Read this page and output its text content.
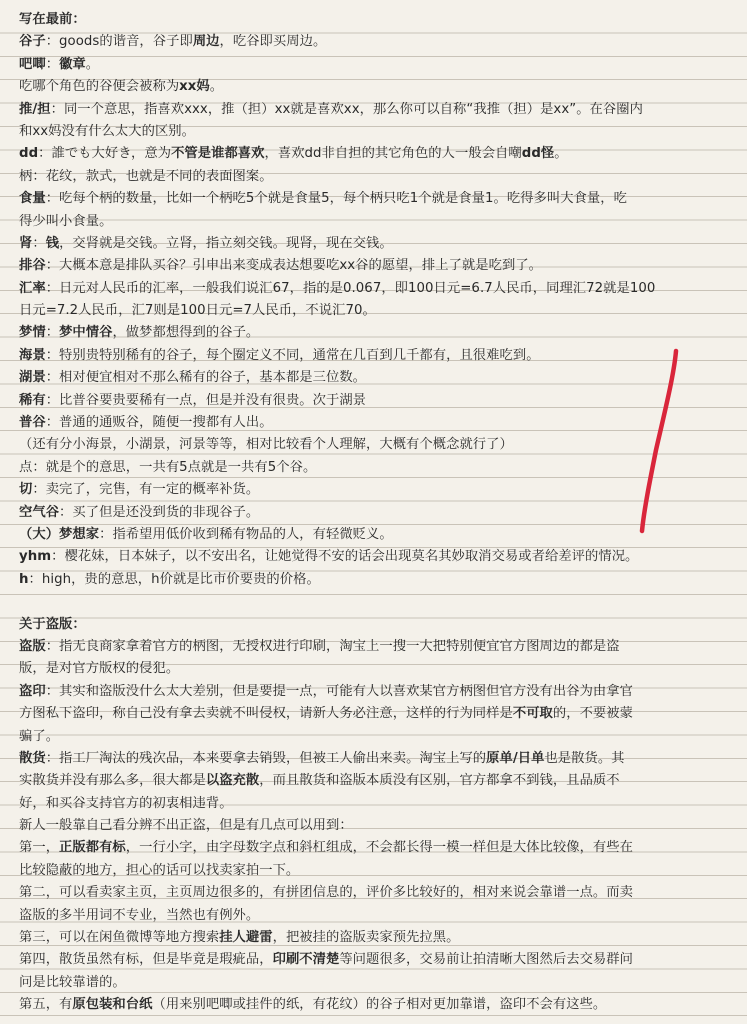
写在最前：
谷子：goods的谐音，谷子即周边，吃谷即买周边。
吧唧：徽章。
吃哪个角色的谷便会被称为xx妈。
推/担：同一个意思，指喜欢xxx，推（担）xx就是喜欢xx，那么你可以自称“我推（担）是xx”。在谷圈内
和xx妈没有什么太大的区别。
dd：誰でも大好き，意为不管是谁都喜欢，喜欢dd非自担的其它角色的人一般会自嘲dd怪。
柄：花纹，款式，也就是不同的表面图案。
食量：吃每个柄的数量，比如一个柄吃5个就是食量5，每个柄只吃1个就是食量1。吃得多叫大食量，吃
得少叫小食量。
肾：钱，交肾就是交钱。立肾，指立刻交钱。现肾，现在交钱。
排谷：大概本意是排队买谷？引申出来变成表达想要吃xx谷的愿望，排上了就是吃到了。
汇率：日元对人民币的汇率，一般我们说汇67，指的是0.067，即100日元=6.7人民币，同理汇72就是100
日元=7.2人民币，汇7则是100日元=7人民币，不说汇70。
梦情：梦中情谷，做梦都想得到的谷子。
海景：特别贵特别稀有的谷子，每个圈定义不同，通常在几百到几千都有，且很难吃到。
湖景：相对便宜相对不那么稀有的谷子，基本都是三位数。
稀有：比普谷要贵要稀有一点，但是并没有很贵。次于湖景
普谷：普通的通贩谷，随便一搜都有人出。
（还有分小海景，小湖景，河景等等，相对比较看个人理解，大概有个概念就行了）
点：就是个的意思，一共有5点就是一共有5个谷。
切：卖完了，完售，有一定的概率补货。
空气谷：买了但是还没到货的非现谷子。
（大）梦想家：指希望用低价收到稀有物品的人，有轻微贬义。
yhm：樱花妹，日本妹子，以不安出名，让她觉得不安的话会出现莫名其妙取消交易或者给差评的情况。
h：high，贵的意思，h价就是比市价要贵的价格。
关于盗版：
盗版：指无良商家拿着官方的柄图，无授权进行印刷，淘宝上一搜一大把特别便宜官方图周边的都是盗
版，是对官方版权的侵犯。
盗印：其实和盗版没什么太大差别，但是要提一点，可能有人以喜欢某官方柄图但官方没有出谷为由拿官
方图私下盗印，称自己没有拿去卖就不叫侵权，请新人务必注意，这样的行为同样是不可取的，不要被蒙
骗了。
散货：指工厂淘汰的残次品，本来要拿去销毁，但被工人偷出来卖。淘宝上写的原单/日单也是散货。其
实散货并没有那么多，很大都是以盗充散，而且散货和盗版本质没有区别，官方都拿不到钱，且品质不
好，和买谷支持官方的初衷相违背。
新人一般靠自己看分辨不出正盗，但是有几点可以用到：
第一，正版都有标，一行小字，由字母数字点和斜杠组成，不会都长得一模一样但是大体比较像，有些在
比较隐蔽的地方，担心的话可以找卖家拍一下。
第二，可以看卖家主页，主页周边很多的，有拼团信息的，评价多比较好的，相对来说会靠谱一点。而卖
盗版的多半用词不专业，当然也有例外。
第三，可以在闲鱼微博等地方搜索挂人避雷，把被挂的盗版卖家预先拉黑。
第四，散货虽然有标，但是毕竟是瑕疵品，印刷不清楚等问题很多，交易前让拍清晰大图然后去交易群问
问是比较靠谱的。
第五，有原包装和台纸（用来别吧唧或挂件的纸，有花纹）的谷子相对更加靠谱，盗印不会有这些。
